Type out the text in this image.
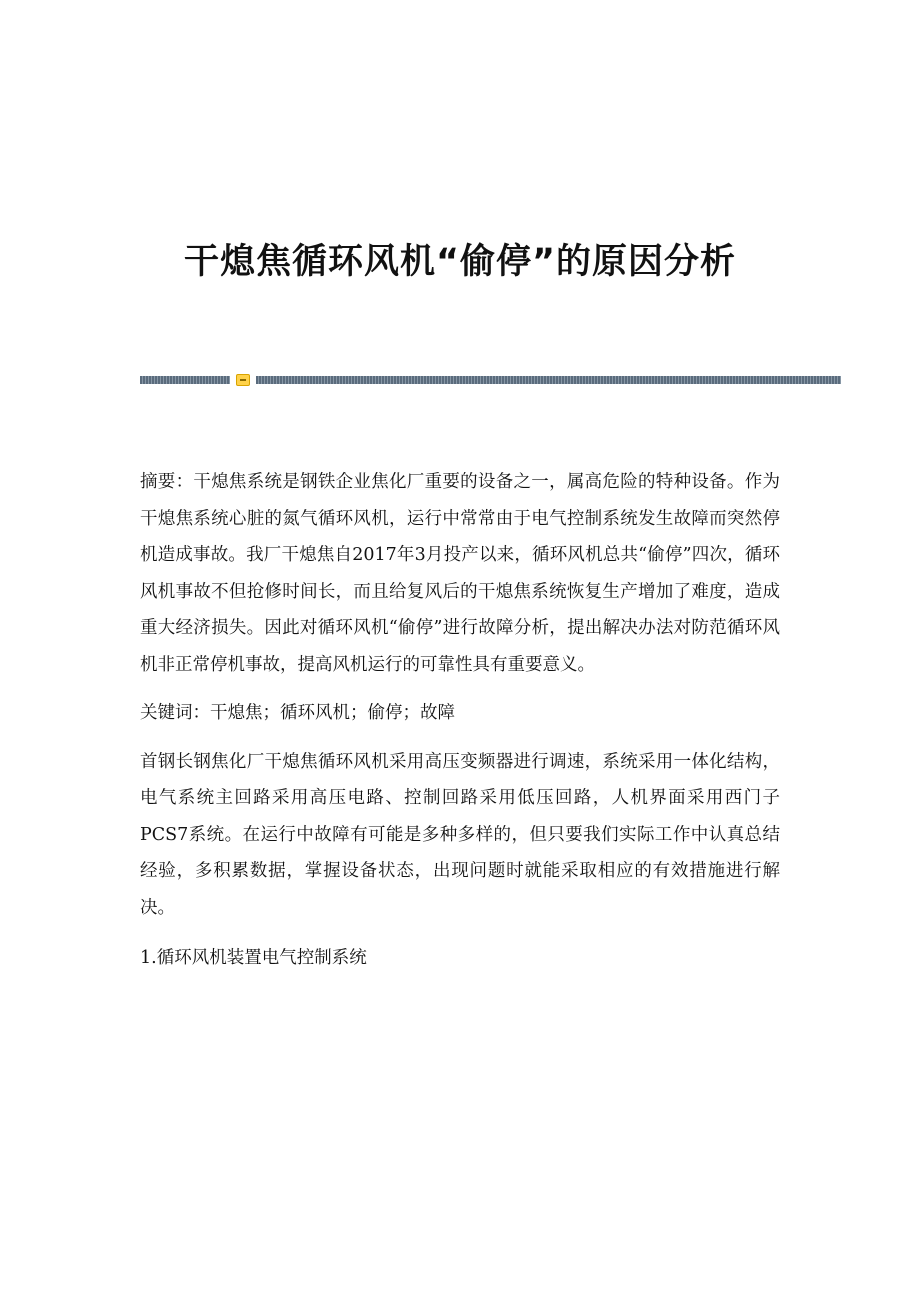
干熄焦循环风机“偷停”的原因分析

摘要：干熄焦系统是钢铁企业焦化厂重要的设备之一，属高危险的特种设备。作为干熄焦系统心脏的氮气循环风机，运行中常常由于电气控制系统发生故障而突然停机造成事故。我厂干熄焦自2017年3月投产以来，循环风机总共“偷停”四次，循环风机事故不但抢修时间长，而且给复风后的干熄焦系统恢复生产增加了难度，造成重大经济损失。因此对循环风机“偷停”进行故障分析，提出解决办法对防范循环风机非正常停机事故，提高风机运行的可靠性具有重要意义。

关键词：干熄焦；循环风机；偷停；故障

首钢长钢焦化厂干熄焦循环风机采用高压变频器进行调速，系统采用一体化结构，电气系统主回路采用高压电路、控制回路采用低压回路，人机界面采用西门子PCS7系统。在运行中故障有可能是多种多样的，但只要我们实际工作中认真总结经验，多积累数据，掌握设备状态，出现问题时就能采取相应的有效措施进行解决。

1.循环风机装置电气控制系统
